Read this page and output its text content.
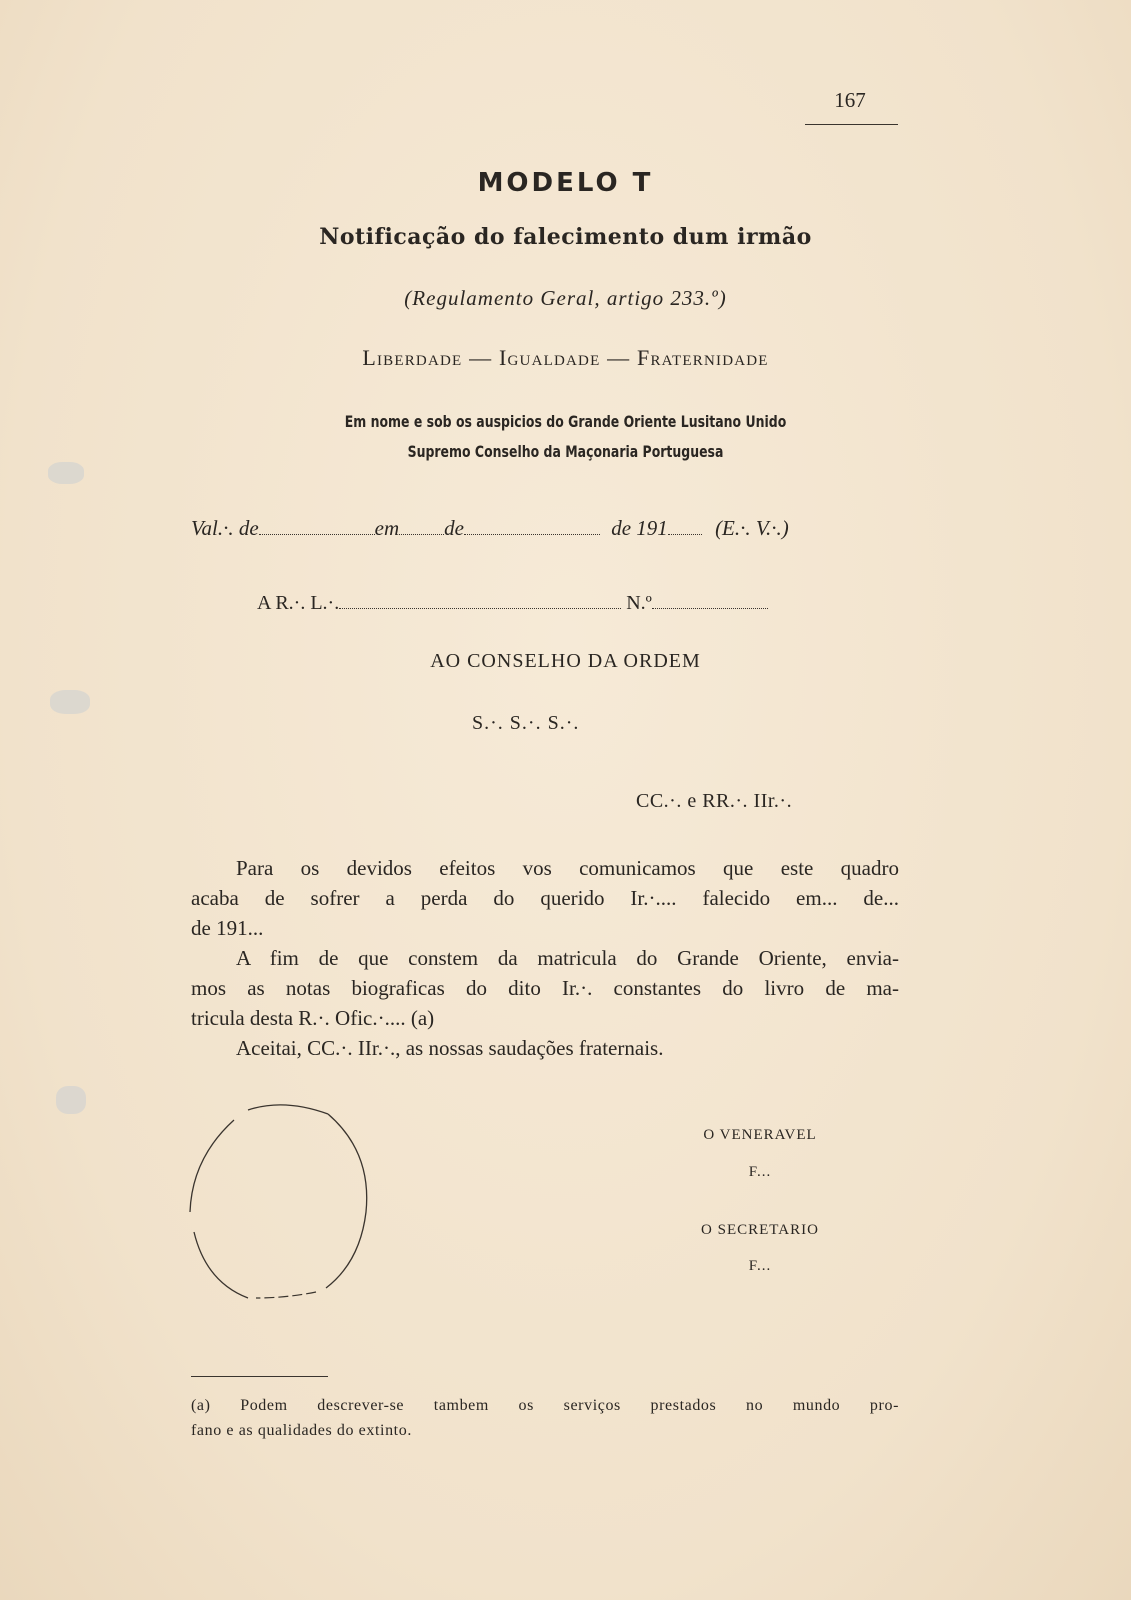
167
MODELO T
Notificação do falecimento dum irmão
(Regulamento Geral, artigo 233.º)
Liberdade — Igualdade — Fraternidade
Em nome e sob os auspicios do Grande Oriente Lusitano Unido
Supremo Conselho da Maçonaria Portuguesa
Val.·. de	em de	de 191 (E.·. V.·.)
A R.·. L.·.	N.º
AO CONSELHO DA ORDEM
S.·. S.·. S.·.
CC.·. e RR.·. IIr.·.

Para os devidos efeitos vos comunicamos que este quadro

acaba de sofrer a perda do querido Ir.·.... falecido em... de...
de 191...

A fim de que constem da matricula do Grande Oriente, envia-

mos as notas biograficas do dito Ir.·. constantes do livro de ma-
tricula desta R.·. Ofic.·.... (a)

Aceitai, CC.·. IIr.·., as nossas saudações fraternais.

O VENERAVEL
F...
O SECRETARIO
F...
(a) Podem descrever-se tambem os serviços prestados no mundo pro-
fano e as qualidades do extinto.
